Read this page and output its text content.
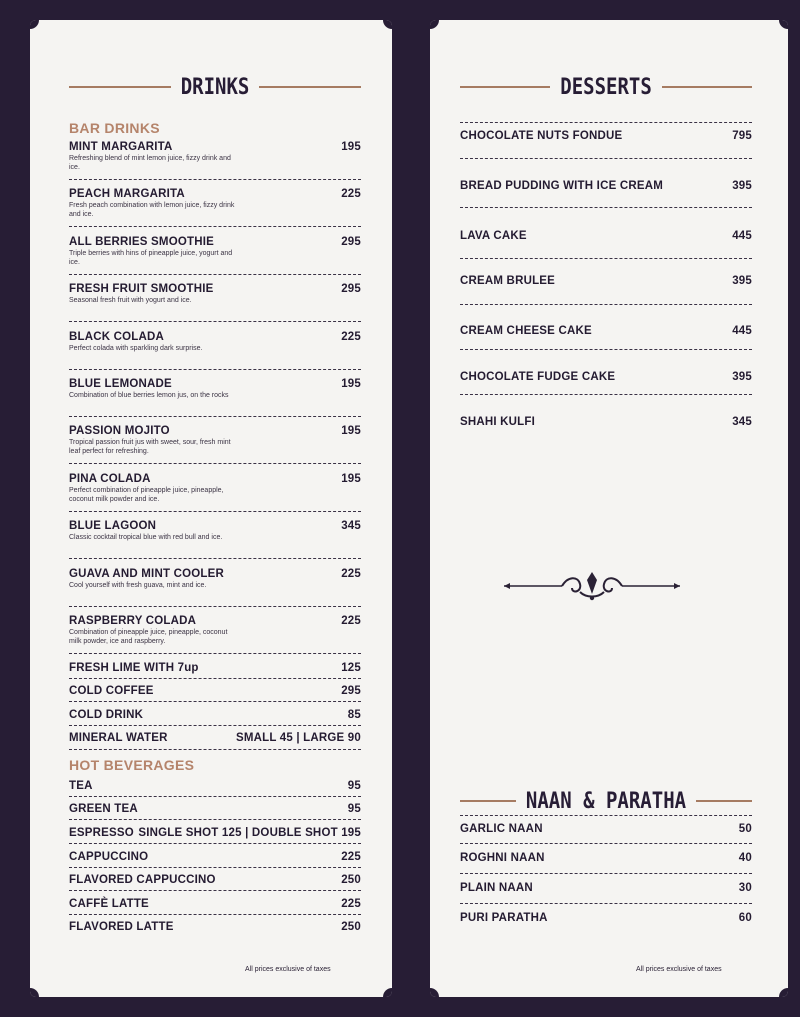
DRINKS
BAR DRINKS
MINT MARGARITA	195
Refreshing blend of mint lemon juice, fizzy drink and ice.
PEACH MARGARITA	225
Fresh peach combination with lemon juice, fizzy drink and ice.
ALL BERRIES SMOOTHIE	295
Triple berries with hins of pineapple juice, yogurt and ice.
FRESH FRUIT SMOOTHIE	295
Seasonal fresh fruit with yogurt and ice.
BLACK COLADA	225
Perfect colada with sparkling dark surprise.
BLUE LEMONADE	195
Combination of blue berries lemon jus, on the rocks
PASSION MOJITO	195
Tropical passion fruit jus with sweet, sour, fresh mint leaf perfect for refreshing.
PINA COLADA	195
Perfect combination of pineapple juice, pineapple, coconut milk powder and ice.
BLUE LAGOON	345
Classic cocktail tropical blue with red bull and ice.
GUAVA AND MINT COOLER	225
Cool yourself with fresh guava, mint and ice.
RASPBERRY COLADA	225
Combination of pineapple juice, pineapple, coconut milk powder, ice and raspberry.
FRESH LIME WITH 7up	125
COLD COFFEE	295
COLD DRINK	85
MINERAL WATER	SMALL 45 | LARGE 90
HOT BEVERAGES
TEA	95
GREEN TEA	95
ESPRESSO SINGLE SHOT 125 | DOUBLE SHOT 195
CAPPUCCINO	225
FLAVORED CAPPUCCINO	250
CAFFÈ LATTE	225
FLAVORED LATTE	250
All prices exclusive of taxes
DESSERTS
CHOCOLATE NUTS FONDUE	795
BREAD PUDDING WITH ICE CREAM	395
LAVA CAKE	445
CREAM BRULEE	395
CREAM CHEESE CAKE	445
CHOCOLATE FUDGE CAKE	395
SHAHI KULFI	345
NAAN & PARATHA
GARLIC NAAN	50
ROGHNI NAAN	40
PLAIN NAAN	30
PURI PARATHA	60
All prices exclusive of taxes
